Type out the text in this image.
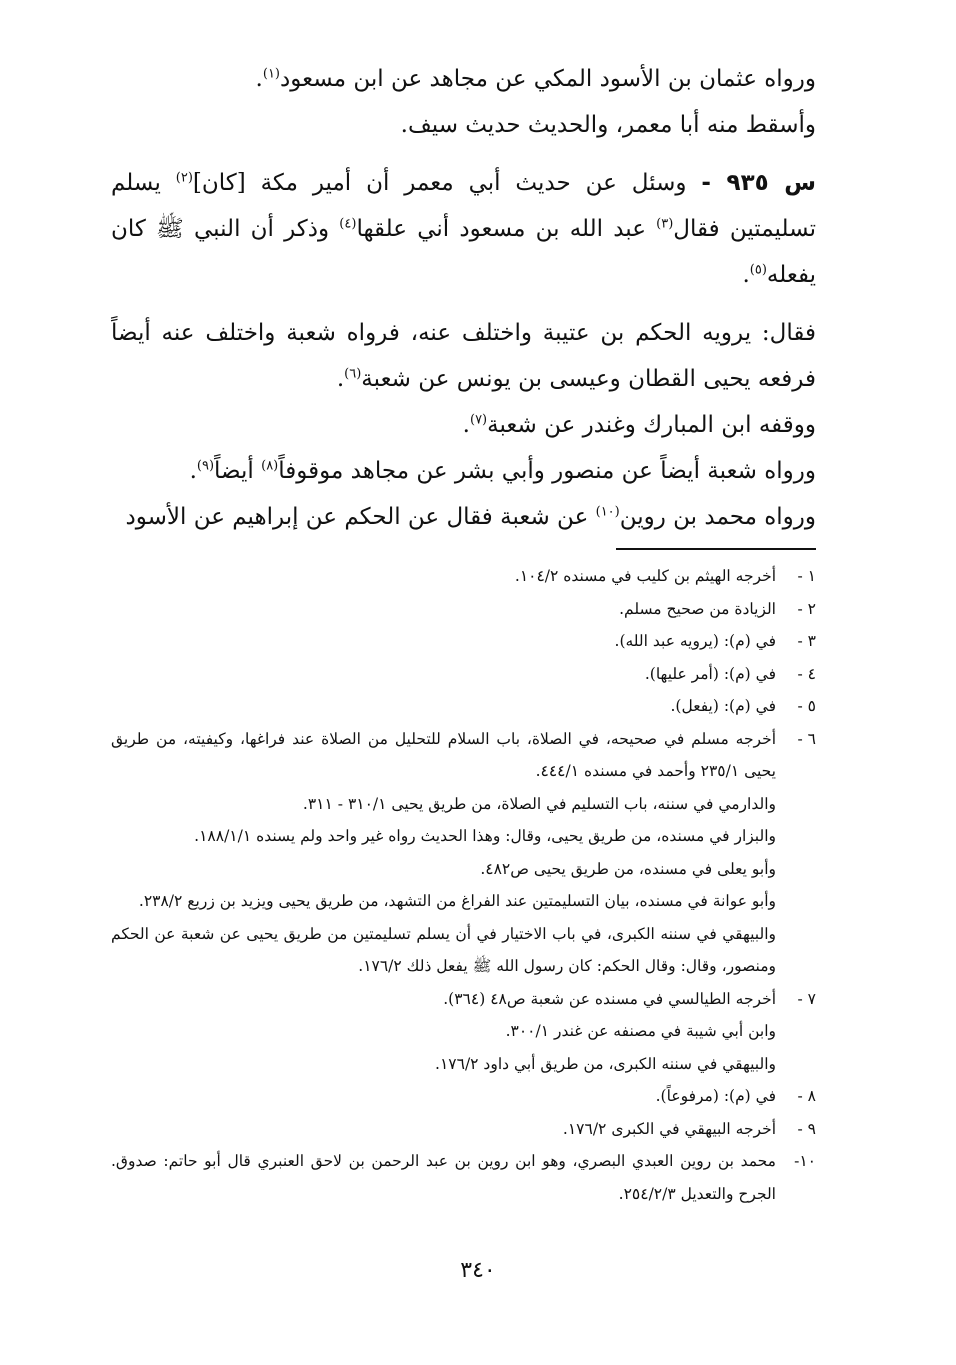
ورواه عثمان بن الأسود المكي عن مجاهد عن ابن مسعود$^{(١)}$.

وأسقط منه أبا معمر، والحديث حديث سيف.

س ٩٣٥ - وسئل عن حديث أبي معمر أن أمير مكة [كان]$^{(٢)}$ يسلم تسليمتين فقال$^{(٣)}$ عبد الله بن مسعود أني علقها$^{(٤)}$ وذكر أن النبي ﷺ كان يفعله$^{(٥)}$.

فقال: يرويه الحكم بن عتيبة واختلف عنه، فرواه شعبة واختلف عنه أيضاً فرفعه يحيى القطان وعيسى بن يونس عن شعبة$^{(٦)}$.

ووقفه ابن المبارك وغندر عن شعبة$^{(٧)}$.

ورواه شعبة أيضاً عن منصور وأبي بشر عن مجاهد موقوفاً$^{(٨)}$ أيضاً$^{(٩)}$.

ورواه محمد بن روين$^{(١٠)}$ عن شعبة فقال عن الحكم عن إبراهيم عن الأسود

١ -
أخرجه الهيثم بن كليب في مسنده ١٠٤/٢.
٢ -
الزيادة من صحيح مسلم.
٣ -
في (م): (يرويه عبد الله).
٤ -
في (م): (أمر عليها).
٥ -
في (م): (يفعل).
٦ -
أخرجه مسلم في صحيحه، في الصلاة، باب السلام للتحليل من الصلاة عند فراغها، وكيفيته، من طريق يحيى ٢٣٥/١ وأحمد في مسنده ٤٤٤/١.
والدارمي في سننه، باب التسليم في الصلاة، من طريق يحيى ٣١٠/١ - ٣١١.
والبزار في مسنده، من طريق يحيى، وقال: وهذا الحديث رواه غير واحد ولم يسنده ١٨٨/١/١.
وأبو يعلى في مسنده، من طريق يحيى ص٤٨٢.
وأبو عوانة في مسنده، بيان التسليمتين عند الفراغ من التشهد، من طريق يحيى ويزيد بن زريع ٢٣٨/٢.
والبيهقي في سننه الكبرى، في باب الاختيار في أن يسلم تسليمتين من طريق يحيى عن شعبة عن الحكم ومنصور، وقال: وقال الحكم: كان رسول الله ﷺ يفعل ذلك ١٧٦/٢.
٧ -
أخرجه الطيالسي في مسنده عن شعبة ص٤٨ (٣٦٤).
وابن أبي شيبة في مصنفه عن غندر ٣٠٠/١.
والبيهقي في سننه الكبرى، من طريق أبي داود ١٧٦/٢.
٨ -
في (م): (مرفوعاً).
٩ -
أخرجه البيهقي في الكبرى ١٧٦/٢.
١٠-
محمد بن روين العبدي البصري، وهو ابن روين بن عبد الرحمن بن لاحق العنبري قال أبو حاتم: صدوق. الجرح والتعديل ٢٥٤/٢/٣.
٣٤٠
